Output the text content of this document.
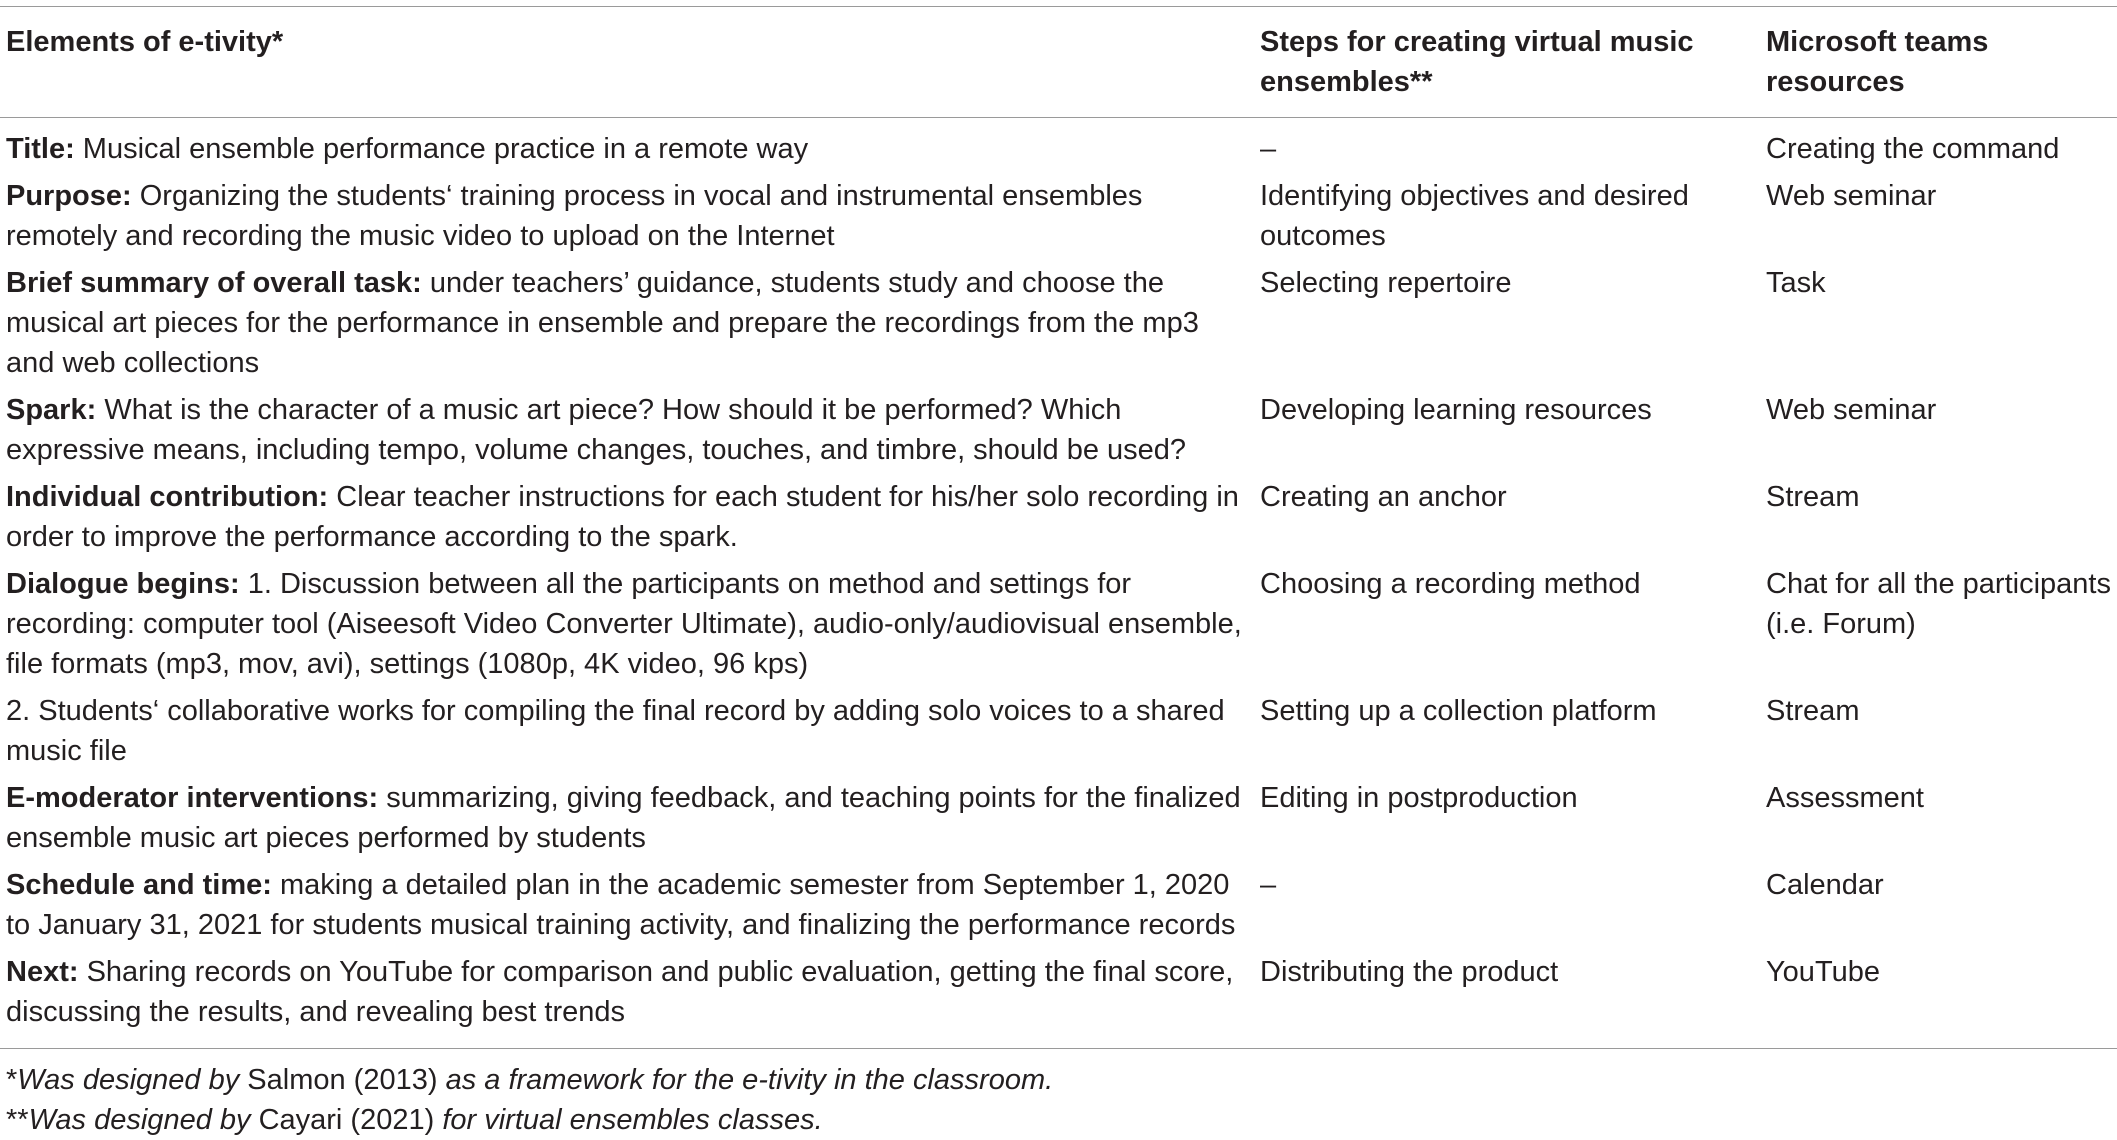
Elements of e-tivity*	Steps for creating virtual music ensembles**	Microsoft teams resources
Title: Musical ensemble performance practice in a remote way	–	Creating the command
Purpose: Organizing the students‘ training process in vocal and instrumental ensembles remotely and recording the music video to upload on the Internet	Identifying objectives and desired outcomes	Web seminar
Brief summary of overall task: under teachers’ guidance, students study and choose the musical art pieces for the performance in ensemble and prepare the recordings from the mp3 and web collections	Selecting repertoire	Task
Spark: What is the character of a music art piece? How should it be performed? Which expressive means, including tempo, volume changes, touches, and timbre, should be used?	Developing learning resources	Web seminar
Individual contribution: Clear teacher instructions for each student for his/her solo recording in order to improve the performance according to the spark.	Creating an anchor	Stream
Dialogue begins: 1. Discussion between all the participants on method and settings for recording: computer tool (Aiseesoft Video Converter Ultimate), audio-only/audiovisual ensemble, file formats (mp3, mov, avi), settings (1080p, 4K video, 96 kps)	Choosing a recording method	Chat for all the participants (i.e. Forum)
2. Students‘ collaborative works for compiling the final record by adding solo voices to a shared music file	Setting up a collection platform	Stream
E-moderator interventions: summarizing, giving feedback, and teaching points for the finalized ensemble music art pieces performed by students	Editing in postproduction	Assessment
Schedule and time: making a detailed plan in the academic semester from September 1, 2020 to January 31, 2021 for students musical training activity, and finalizing the performance records	–	Calendar
Next: Sharing records on YouTube for comparison and public evaluation, getting the final score, discussing the results, and revealing best trends	Distributing the product	YouTube
*Was designed by Salmon (2013) as a framework for the e-tivity in the classroom.
**Was designed by Cayari (2021) for virtual ensembles classes.
